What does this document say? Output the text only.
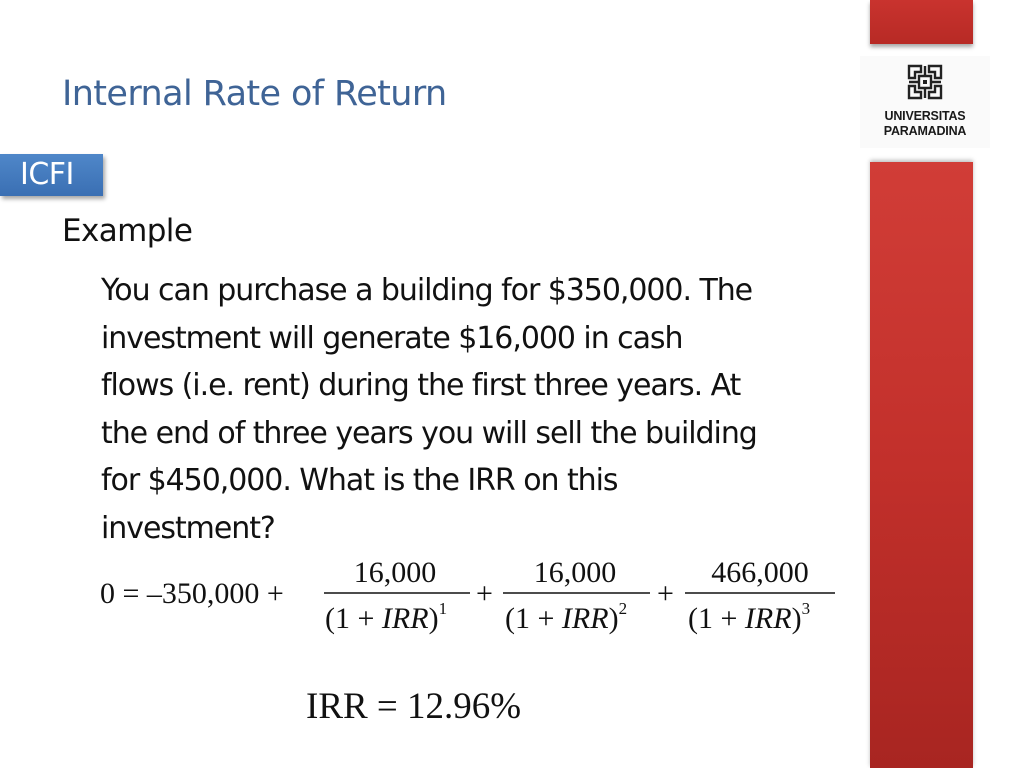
UNIVERSITAS
PARAMADINA
Internal Rate of Return
ICFI
Example
You can purchase a building for $350,000. The
investment will generate $16,000 in cash
flows (i.e. rent) during the first three years. At
the end of three years you will sell the building
for $450,000. What is the IRR on this
investment?
0 = –350,000 +
16,000
(1 + IRR)$^1$ +
16,000
(1 + IRR)$^2$ +
466,000
(1 + IRR)$^3$
IRR = 12.96%
